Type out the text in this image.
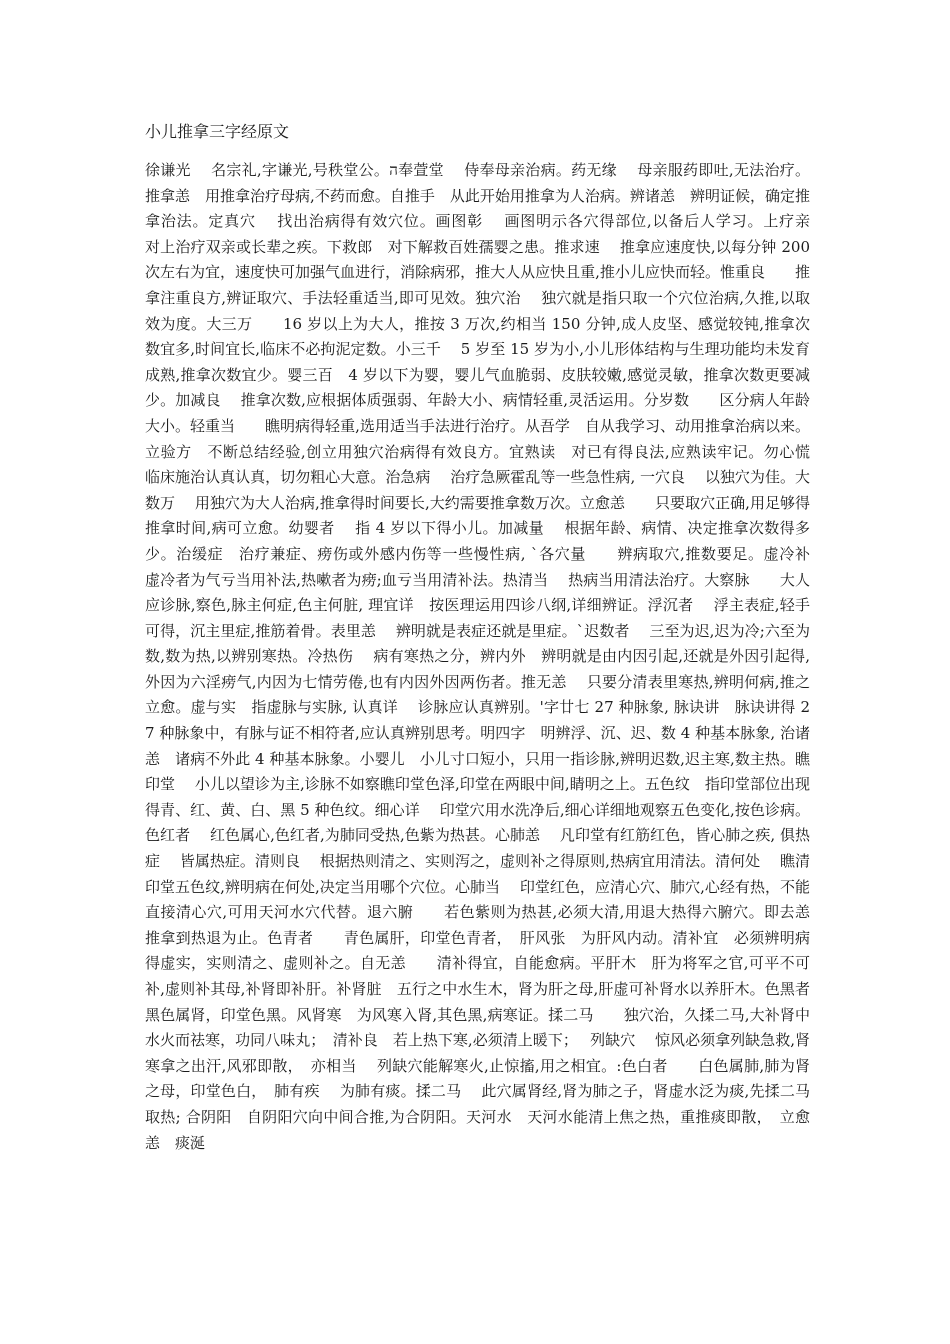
小儿推拿三字经原文

徐谦光　 名宗礼,字谦光,号秩堂公。ﬣ奉萱堂　 侍奉母亲治病。药无缘　 母亲服药即吐,无法治疗。推拿恙　用推拿治疗母病,不药而愈。自推手　从此开始用推拿为人治病。辨诸恙　辨明证候，确定推拿治法。定真穴　 找出治病得有效穴位。画图彰　 画图明示各穴得部位,以备后人学习。上疗亲　　对上治疗双亲或长辈之疾。下救郎　对下解救百姓孺婴之患。推求速　 推拿应速度快,以每分钟 200 次左右为宜，速度快可加强气血进行，消除病邪，推大人从应快且重,推小儿应快而轻。惟重良　　推拿注重良方,辨证取穴、手法轻重适当,即可见效。独穴治　 独穴就是指只取一个穴位治病,久推,以取效为度。大三万　　16 岁以上为大人，推按 3 万次,约相当 150 分钟,成人皮坚、感觉较钝,推拿次数宜多,时间宜长,临床不必拘泥定数。小三千　 5 岁至 15 岁为小,小儿形体结构与生理功能均未发育成熟,推拿次数宜少。婴三百　4 岁以下为婴，婴儿气血脆弱、皮肤较嫩,感觉灵敏，推拿次数更要减少。加减良　 推拿次数,应根据体质强弱、年龄大小、病情轻重,灵活运用。分岁数　　区分病人年龄大小。轻重当　　瞧明病得轻重,选用适当手法进行治疗。从吾学　自从我学习、动用推拿治病以来。立验方　不断总结经验,创立用独穴治病得有效良方。宜熟读　对已有得良法,应熟读牢记。勿心慌　临床施治认真认真，切勿粗心大意。治急病　 治疗急厥霍乱等一些急性病, 一穴良　 以独穴为佳。大数万　 用独穴为大人治病,推拿得时间要长,大约需要推拿数万次。立愈恙　　只要取穴正确,用足够得推拿时间,病可立愈。幼婴者　 指 4 岁以下得小儿。加减量　 根据年龄、病情、决定推拿次数得多少。治缓症　治疗兼症、痨伤或外感内伤等一些慢性病, `各穴量　　辨病取穴,推数要足。虚冷补　虚冷者为气亏当用补法,热嗽者为痨;血亏当用清补法。热清当　 热病当用清法治疗。大察脉　　大人应诊脉,察色,脉主何症,色主何脏, 理宜详　按医理运用四诊八纲,详细辨证。浮沉者　 浮主表症,轻手可得，沉主里症,推筋着骨。表里恙　 辨明就是表症还就是里症。`迟数者　 三至为迟,迟为冷;六至为数,数为热,以辨别寒热。冷热伤　 病有寒热之分，辨内外　辨明就是由内因引起,还就是外因引起得,外因为六淫痨气,内因为七情劳倦,也有内因外因两伤者。推无恙　 只要分清表里寒热,辨明何病,推之立愈。虚与实　指虚脉与实脉, 认真详　 诊脉应认真辨别。'字廿七 27 种脉象, 脉诀讲　脉诀讲得 27 种脉象中，有脉与证不相符者,应认真辨别思考。明四字　明辨浮、沉、迟、数 4 种基本脉象, 治诸恙　诸病不外此 4 种基本脉象。小婴儿　小儿寸口短小，只用一指诊脉,辨明迟数,迟主寒,数主热。瞧印堂　 小儿以望诊为主,诊脉不如察瞧印堂色泽,印堂在两眼中间,睛明之上。五色纹　指印堂部位出现得青、红、黄、白、黑 5 种色纹。细心详　 印堂穴用水洗净后,细心详细地观察五色变化,按色诊病。色红者　 红色属心,色红者,为肺同受热,色紫为热甚。心肺恙　 凡印堂有红筋红色，皆心肺之疾, 俱热症　 皆属热症。清则良　 根据热则清之、实则泻之，虚则补之得原则,热病宜用清法。清何处　 瞧清印堂五色纹,辨明病在何处,决定当用哪个穴位。心肺当　 印堂红色，应清心穴、肺穴,心经有热，不能直接清心穴,可用天河水穴代替。退六腑　　若色紫则为热甚,必须大清,用退大热得六腑穴。即去恙　推拿到热退为止。色青者　　青色属肝，印堂色青者，　肝风张　为肝风内动。清补宜　必须辨明病得虚实，实则清之、虚则补之。自无恙　　清补得宜，自能愈病。平肝木　肝为将军之官,可平不可补,虚则补其母,补肾即补肝。补肾脏　五行之中水生木，肾为肝之母,肝虚可补肾水以养肝木。色黑者　　黑色属肾，印堂色黑。风肾寒　为风寒入肾,其色黑,病寒证。揉二马　　独穴治，久揉二马,大补肾中水火而祛寒，功同八味丸；　清补良　若上热下寒,必须清上暖下；　 列缺穴　 惊风必须拿列缺急救,肾寒拿之出汗,风邪即散，　亦相当　 列缺穴能解寒火,止惊搐,用之相宜。:色白者　　白色属肺,肺为肾之母，印堂色白，　肺有疾　 为肺有痰。揉二马　 此穴属肾经,肾为肺之子，肾虚水泛为痰,先揉二马取热; 合阴阳　自阴阳穴向中间合推,为合阴阳。天河水　天河水能清上焦之热，重推痰即散，　立愈恙　痰涎
